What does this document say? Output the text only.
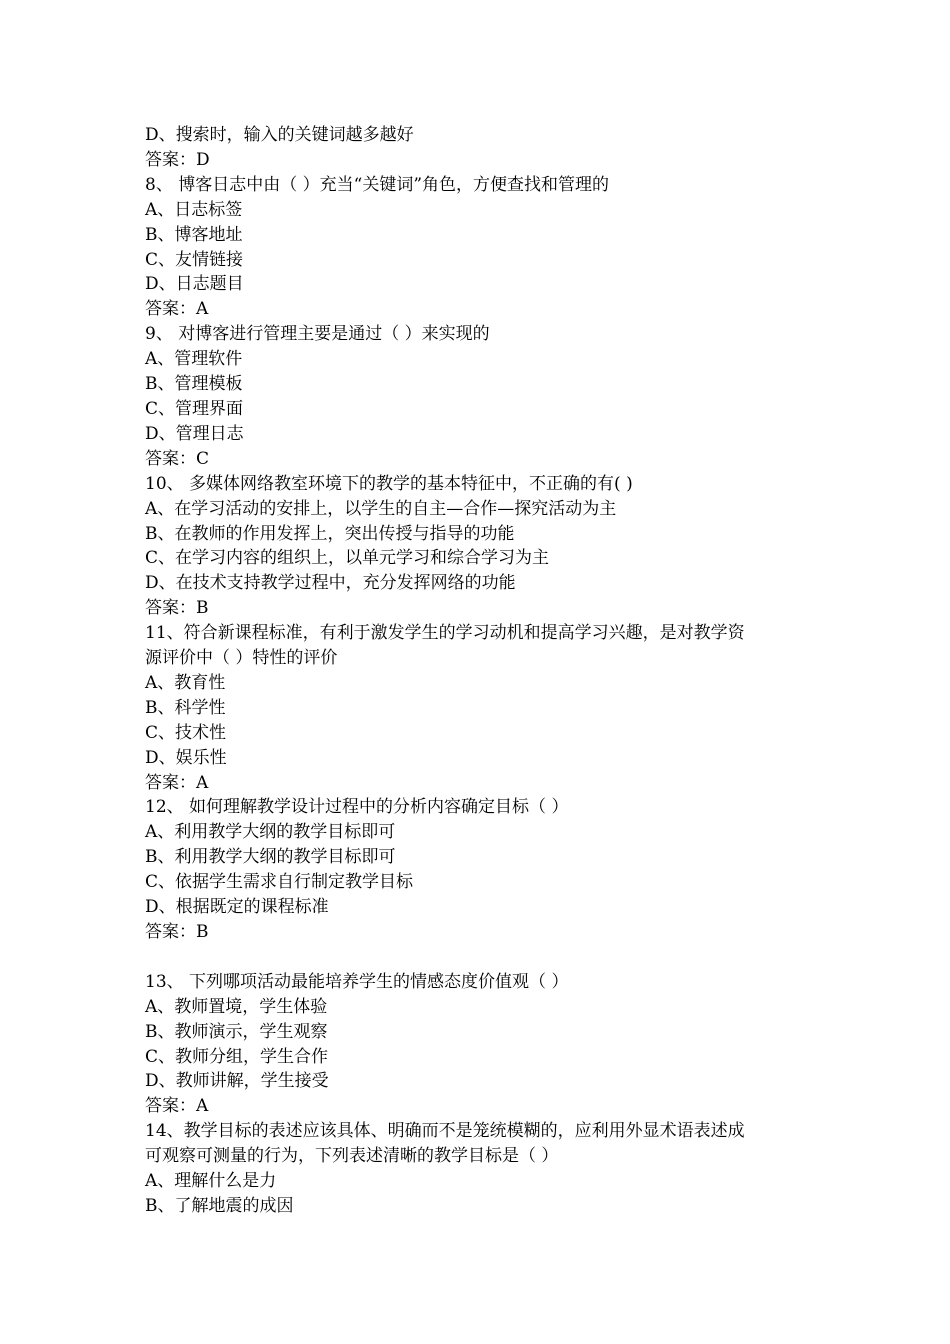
D、搜索时，输入的关键词越多越好

答案：D

8、 博客日志中由（ ）充当“关键词”角色，方便查找和管理的

A、日志标签

B、博客地址

C、友情链接

D、日志题目

答案：A

9、 对博客进行管理主要是通过（ ）来实现的

A、管理软件

B、管理模板

C、管理界面

D、管理日志

答案：C

10、 多媒体网络教室环境下的教学的基本特征中，不正确的有( )

A、在学习活动的安排上，以学生的自主—合作—探究活动为主

B、在教师的作用发挥上，突出传授与指导的功能

C、在学习内容的组织上，以单元学习和综合学习为主

D、在技术支持教学过程中，充分发挥网络的功能

答案：B

11、符合新课程标准，有利于激发学生的学习动机和提高学习兴趣，是对教学资

源评价中（ ）特性的评价

A、教育性

B、科学性

C、技术性

D、娱乐性

答案：A

12、 如何理解教学设计过程中的分析内容确定目标（ ）

A、利用教学大纲的教学目标即可

B、利用教学大纲的教学目标即可

C、依据学生需求自行制定教学目标

D、根据既定的课程标准

答案：B

13、 下列哪项活动最能培养学生的情感态度价值观（ ）

A、教师置境，学生体验

B、教师演示，学生观察

C、教师分组，学生合作

D、教师讲解，学生接受

答案：A

14、教学目标的表述应该具体、明确而不是笼统模糊的，应利用外显术语表述成

可观察可测量的行为，下列表述清晰的教学目标是（ ）

A、理解什么是力

B、了解地震的成因
